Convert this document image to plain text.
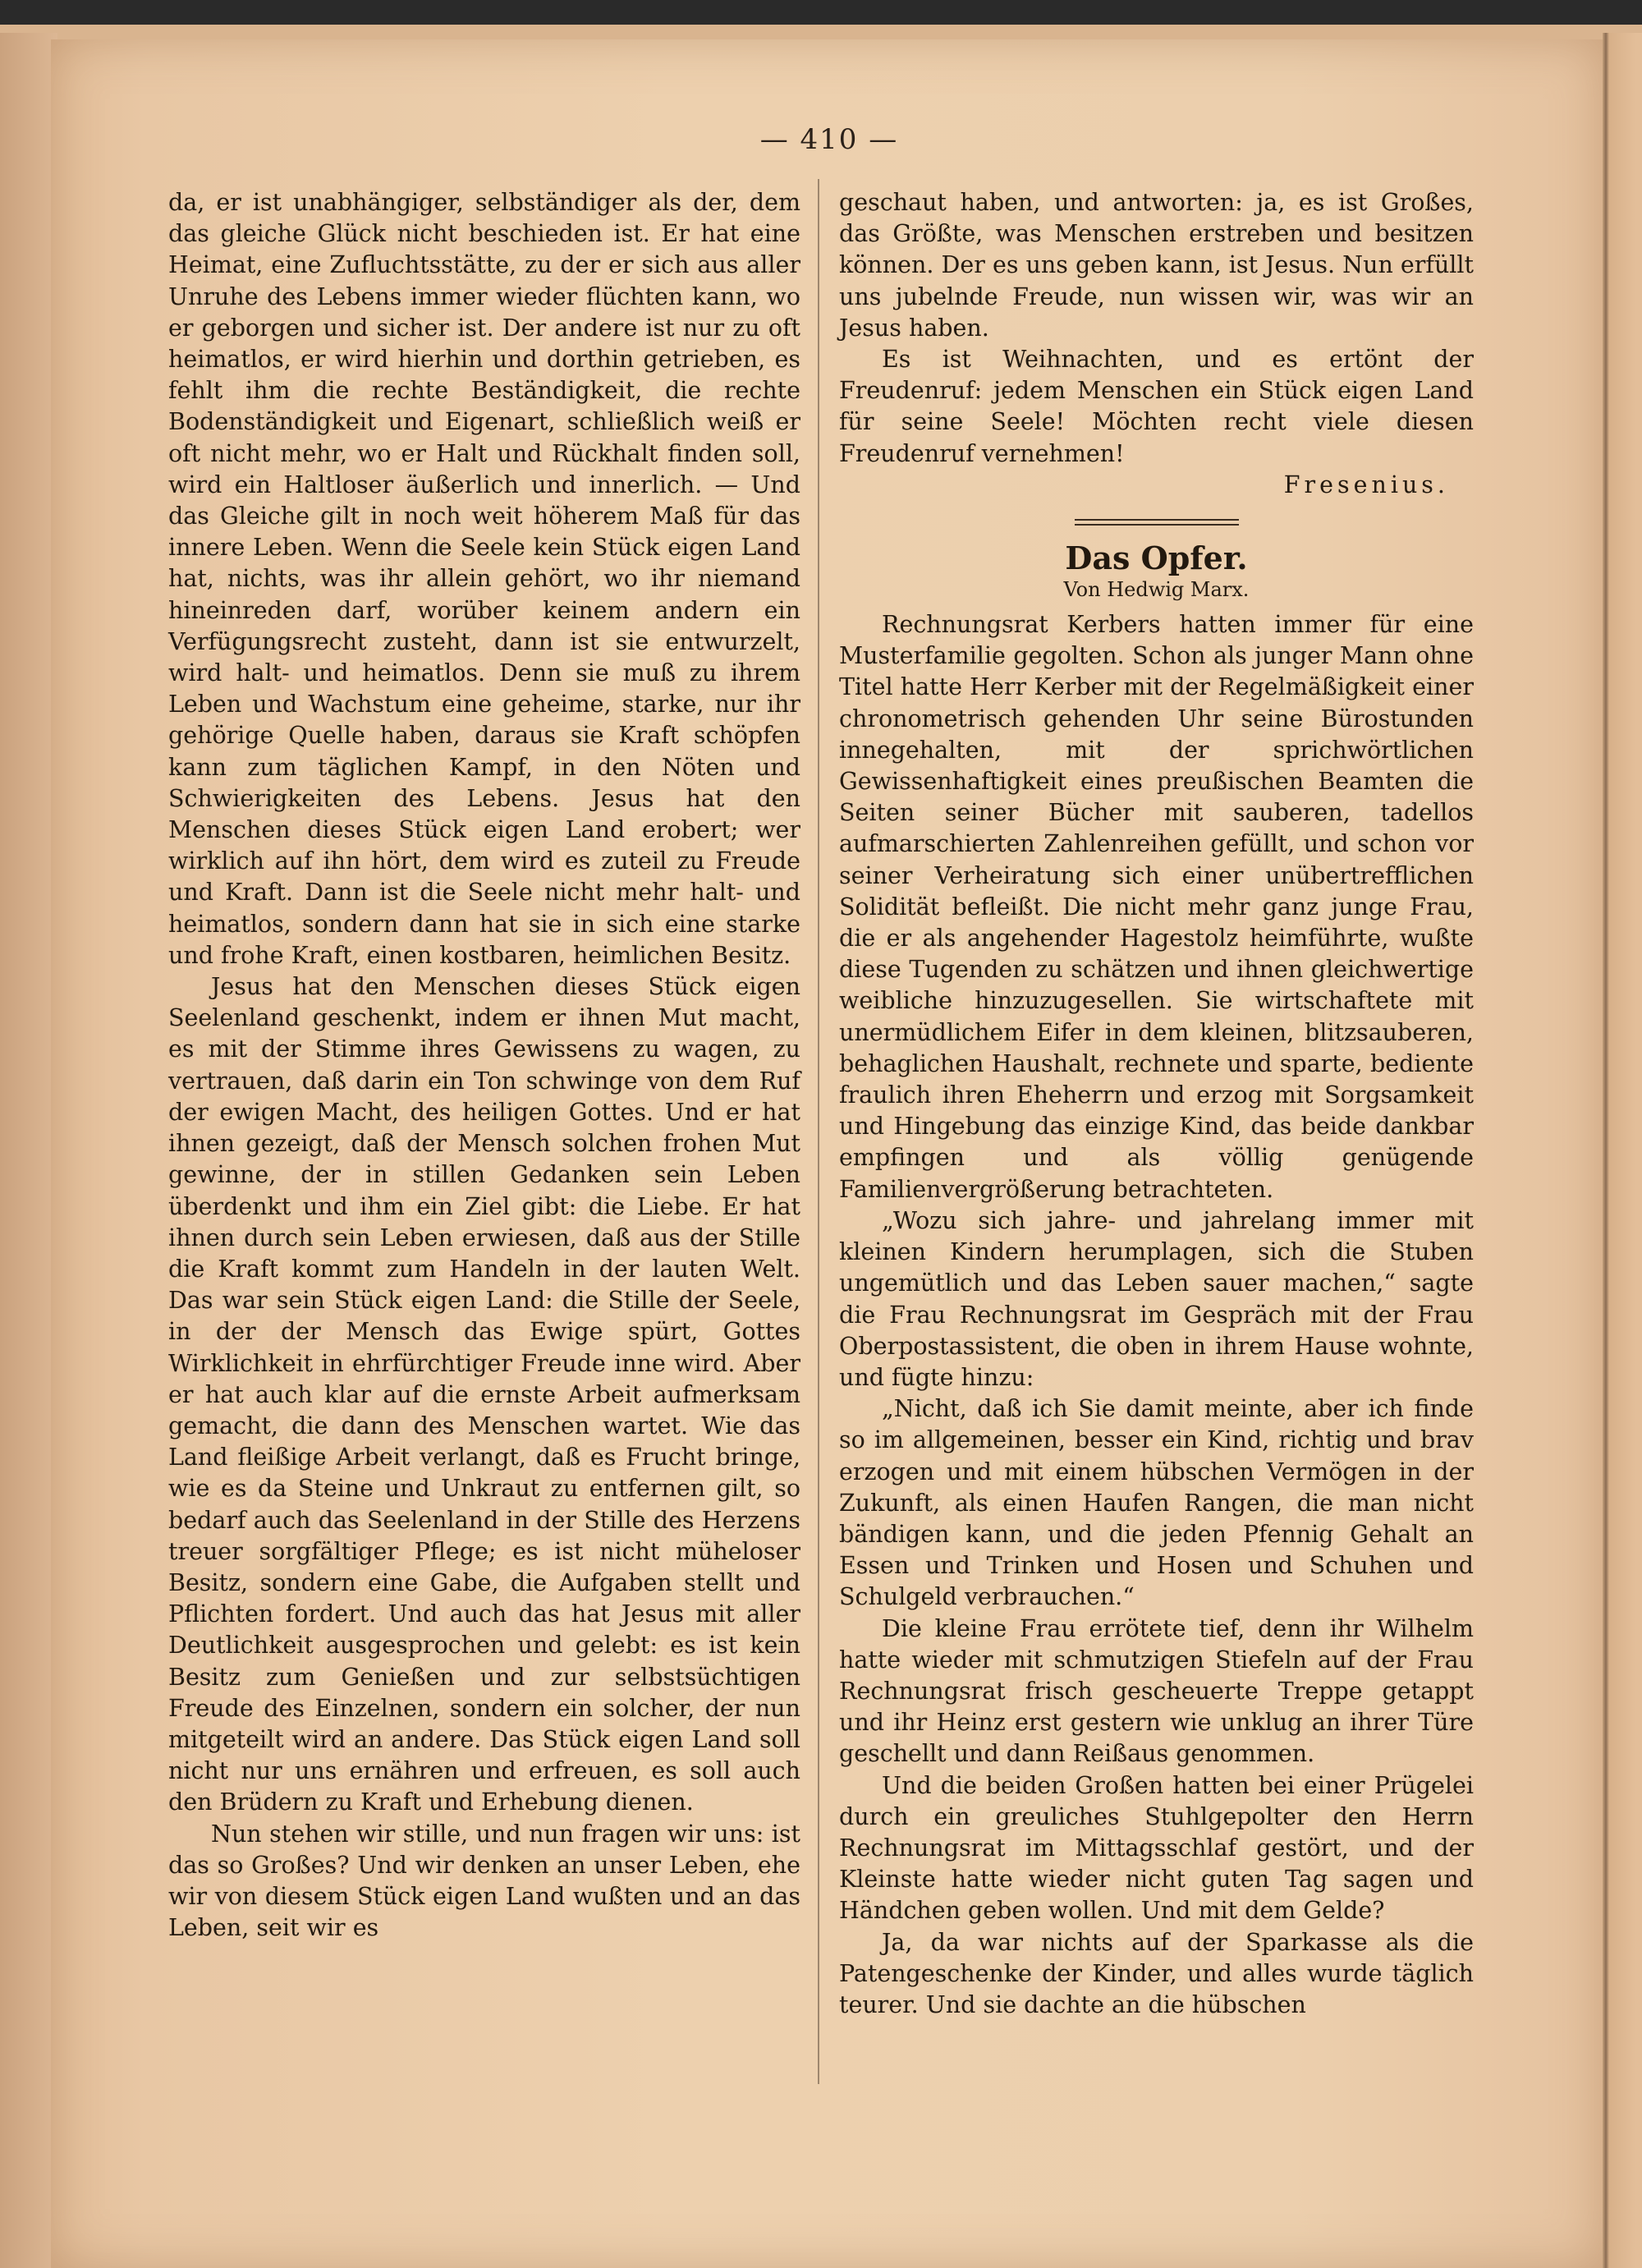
— 410 —

da, er ist unabhängiger, selbständiger als der, dem das gleiche Glück nicht beschieden ist. Er hat eine Heimat, eine Zufluchtsstätte, zu der er sich aus aller Unruhe des Lebens immer wieder flüchten kann, wo er geborgen und sicher ist. Der andere ist nur zu oft heimatlos, er wird hierhin und dorthin getrieben, es fehlt ihm die rechte Beständigkeit, die rechte Bodenständigkeit und Eigenart, schließlich weiß er oft nicht mehr, wo er Halt und Rückhalt finden soll, wird ein Haltloser äußerlich und innerlich. — Und das Gleiche gilt in noch weit höherem Maß für das innere Leben. Wenn die Seele kein Stück eigen Land hat, nichts, was ihr allein gehört, wo ihr niemand hineinreden darf, worüber keinem andern ein Verfügungsrecht zusteht, dann ist sie entwurzelt, wird halt- und heimatlos. Denn sie muß zu ihrem Leben und Wachstum eine geheime, starke, nur ihr gehörige Quelle haben, daraus sie Kraft schöpfen kann zum täglichen Kampf, in den Nöten und Schwierigkeiten des Lebens. Jesus hat den Menschen dieses Stück eigen Land erobert; wer wirklich auf ihn hört, dem wird es zuteil zu Freude und Kraft. Dann ist die Seele nicht mehr halt- und heimatlos, sondern dann hat sie in sich eine starke und frohe Kraft, einen kostbaren, heimlichen Besitz.

Jesus hat den Menschen dieses Stück eigen Seelenland geschenkt, indem er ihnen Mut macht, es mit der Stimme ihres Gewissens zu wagen, zu vertrauen, daß darin ein Ton schwinge von dem Ruf der ewigen Macht, des heiligen Gottes. Und er hat ihnen gezeigt, daß der Mensch solchen frohen Mut gewinne, der in stillen Gedanken sein Leben überdenkt und ihm ein Ziel gibt: die Liebe. Er hat ihnen durch sein Leben erwiesen, daß aus der Stille die Kraft kommt zum Handeln in der lauten Welt. Das war sein Stück eigen Land: die Stille der Seele, in der der Mensch das Ewige spürt, Gottes Wirklichkeit in ehrfürchtiger Freude inne wird. Aber er hat auch klar auf die ernste Arbeit aufmerksam gemacht, die dann des Menschen wartet. Wie das Land fleißige Arbeit verlangt, daß es Frucht bringe, wie es da Steine und Unkraut zu entfernen gilt, so bedarf auch das Seelenland in der Stille des Herzens treuer sorgfältiger Pflege; es ist nicht müheloser Besitz, sondern eine Gabe, die Aufgaben stellt und Pflichten fordert. Und auch das hat Jesus mit aller Deutlichkeit ausgesprochen und gelebt: es ist kein Besitz zum Genießen und zur selbstsüchtigen Freude des Einzelnen, sondern ein solcher, der nun mitgeteilt wird an andere. Das Stück eigen Land soll nicht nur uns ernähren und erfreuen, es soll auch den Brüdern zu Kraft und Erhebung dienen.

Nun stehen wir stille, und nun fragen wir uns: ist das so Großes? Und wir denken an unser Leben, ehe wir von diesem Stück eigen Land wußten und an das Leben, seit wir es

geschaut haben, und antworten: ja, es ist Großes, das Größte, was Menschen erstreben und besitzen können. Der es uns geben kann, ist Jesus. Nun erfüllt uns jubelnde Freude, nun wissen wir, was wir an Jesus haben.

Es ist Weihnachten, und es ertönt der Freudenruf: jedem Menschen ein Stück eigen Land für seine Seele! Möchten recht viele diesen Freudenruf vernehmen!

Fresenius.
Das Opfer.
Von Hedwig Marx.

Rechnungsrat Kerbers hatten immer für eine Musterfamilie gegolten. Schon als junger Mann ohne Titel hatte Herr Kerber mit der Regelmäßigkeit einer chronometrisch gehenden Uhr seine Bürostunden innegehalten, mit der sprichwörtlichen Gewissenhaftigkeit eines preußischen Beamten die Seiten seiner Bücher mit sauberen, tadellos aufmarschierten Zahlenreihen gefüllt, und schon vor seiner Verheiratung sich einer unübertrefflichen Solidität befleißt. Die nicht mehr ganz junge Frau, die er als angehender Hagestolz heimführte, wußte diese Tugenden zu schätzen und ihnen gleichwertige weibliche hinzuzugesellen. Sie wirtschaftete mit unermüdlichem Eifer in dem kleinen, blitzsauberen, behaglichen Haushalt, rechnete und sparte, bediente fraulich ihren Eheherrn und erzog mit Sorgsamkeit und Hingebung das einzige Kind, das beide dankbar empfingen und als völlig genügende Familienvergrößerung betrachteten.

„Wozu sich jahre- und jahrelang immer mit kleinen Kindern herumplagen, sich die Stuben ungemütlich und das Leben sauer machen,“ sagte die Frau Rechnungsrat im Gespräch mit der Frau Oberpostassistent, die oben in ihrem Hause wohnte, und fügte hinzu:

„Nicht, daß ich Sie damit meinte, aber ich finde so im allgemeinen, besser ein Kind, richtig und brav erzogen und mit einem hübschen Vermögen in der Zukunft, als einen Haufen Rangen, die man nicht bändigen kann, und die jeden Pfennig Gehalt an Essen und Trinken und Hosen und Schuhen und Schulgeld verbrauchen.“

Die kleine Frau errötete tief, denn ihr Wilhelm hatte wieder mit schmutzigen Stiefeln auf der Frau Rechnungsrat frisch gescheuerte Treppe getappt und ihr Heinz erst gestern wie unklug an ihrer Türe geschellt und dann Reißaus genommen.

Und die beiden Großen hatten bei einer Prügelei durch ein greuliches Stuhlgepolter den Herrn Rechnungsrat im Mittagsschlaf gestört, und der Kleinste hatte wieder nicht guten Tag sagen und Händchen geben wollen. Und mit dem Gelde?

Ja, da war nichts auf der Sparkasse als die Patengeschenke der Kinder, und alles wurde täglich teurer. Und sie dachte an die hübschen
